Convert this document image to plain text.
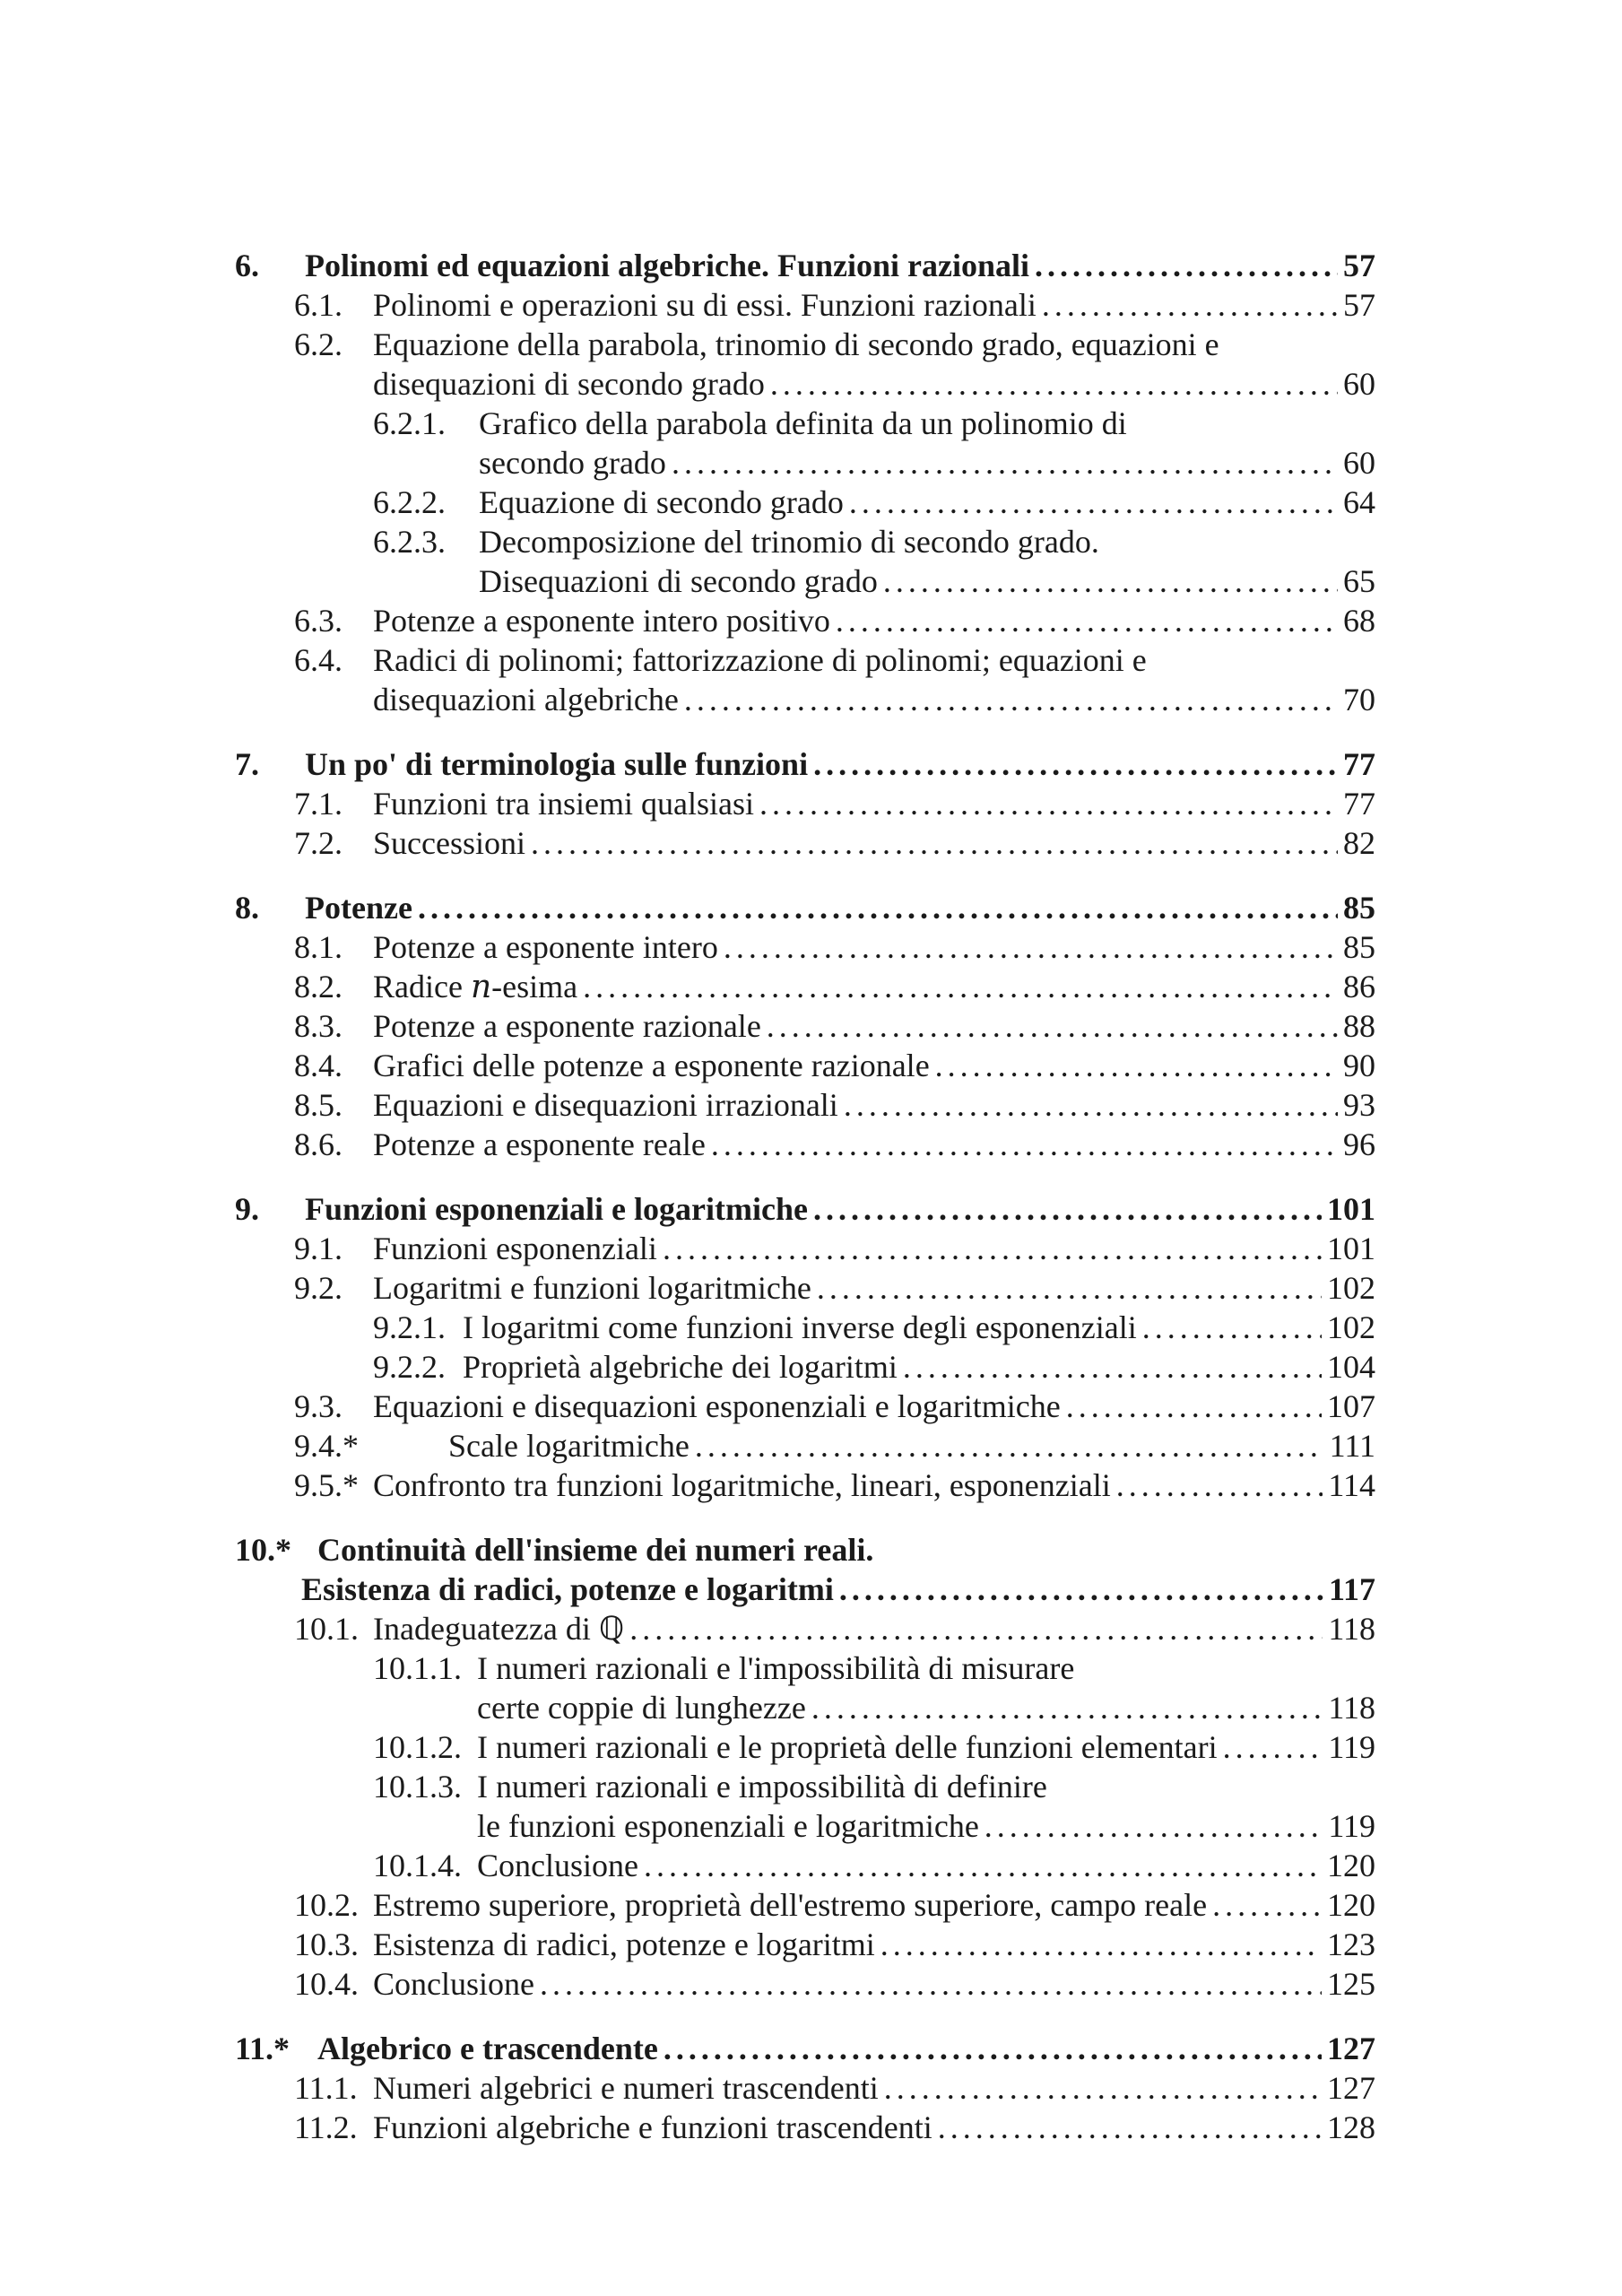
6.	Polinomi ed equazioni algebriche. Funzioni razionali . . .	57
6.1. Polinomi e operazioni su di essi. Funzioni razionali . . .	57
6.2. Equazione della parabola, trinomio di secondo grado, equazioni e
disequazioni di secondo grado . . .	60
6.2.1.	Grafico della parabola definita da un polinomio di
secondo grado . . .	60
6.2.2.	Equazione di secondo grado . . .	64
6.2.3.	Decomposizione del trinomio di secondo grado.
Disequazioni di secondo grado . . .	65
6.3. Potenze a esponente intero positivo . . .	68
6.4. Radici di polinomi; fattorizzazione di polinomi; equazioni e
disequazioni algebriche . . .	70
7.	Un po' di terminologia sulle funzioni . . .	77
7.1. Funzioni tra insiemi qualsiasi . . .	77
7.2. Successioni . . .	82
8.	Potenze . . .	85
8.1. Potenze a esponente intero . . .	85
8.2. Radice n-esima . . .	86
8.3. Potenze a esponente razionale . . .	88
8.4. Grafici delle potenze a esponente razionale . . .	90
8.5. Equazioni e disequazioni irrazionali . . .	93
8.6. Potenze a esponente reale . . .	96
9.	Funzioni esponenziali e logaritmiche . . .	101
9.1. Funzioni esponenziali . . .	101
9.2. Logaritmi e funzioni logaritmiche . . .	102
9.2.1. I logaritmi come funzioni inverse degli esponenziali . . .	102
9.2.2. Proprietà algebriche dei logaritmi . . .	104
9.3. Equazioni e disequazioni esponenziali e logaritmiche . . .	107
9.4.*	Scale logaritmiche . . .	111
9.5.* Confronto tra funzioni logaritmiche, lineari, esponenziali . . .	114
10.* Continuità dell'insieme dei numeri reali.
Esistenza di radici, potenze e logaritmi . . .	117
10.1. Inadeguatezza di ℚ . . .	118
10.1.1. I numeri razionali e l'impossibilità di misurare
certe coppie di lunghezze . . .	118
10.1.2. I numeri razionali e le proprietà delle funzioni elementari . . .	119
10.1.3. I numeri razionali e impossibilità di definire
le funzioni esponenziali e logaritmiche . . .	119
10.1.4. Conclusione . . .	120
10.2. Estremo superiore, proprietà dell'estremo superiore, campo reale . . .	120
10.3. Esistenza di radici, potenze e logaritmi . . .	123
10.4. Conclusione . . .	125
11.* Algebrico e trascendente . . .	127
11.1. Numeri algebrici e numeri trascendenti . . .	127
11.2. Funzioni algebriche e funzioni trascendenti . . .	128
